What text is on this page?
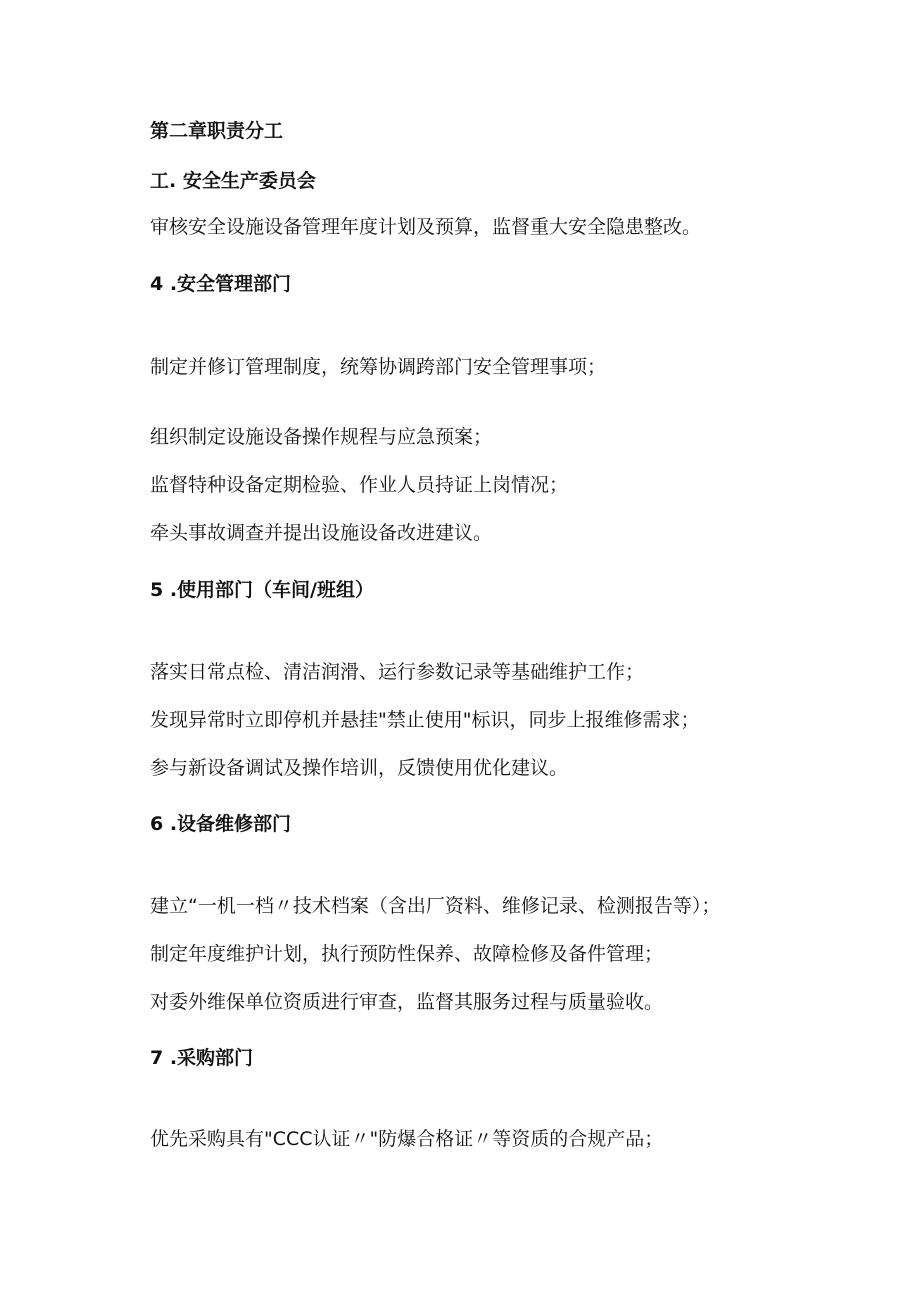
第二章职责分工
工. 安全生产委员会
审核安全设施设备管理年度计划及预算，监督重大安全隐患整改。
4 .安全管理部门
制定并修订管理制度，统筹协调跨部门安全管理事项；
组织制定设施设备操作规程与应急预案；
监督特种设备定期检验、作业人员持证上岗情况；
牵头事故调查并提出设施设备改进建议。
5 .使用部门（车间/班组）
落实日常点检、清洁润滑、运行参数记录等基础维护工作；
发现异常时立即停机并悬挂"禁止使用"标识，同步上报维修需求；
参与新设备调试及操作培训，反馈使用优化建议。
6 .设备维修部门
建立“一机一档〃技术档案（含出厂资料、维修记录、检测报告等）；
制定年度维护计划，执行预防性保养、故障检修及备件管理；
对委外维保单位资质进行审查，监督其服务过程与质量验收。
7 .采购部门
优先采购具有"CCC认证〃"防爆合格证〃等资质的合规产品；
